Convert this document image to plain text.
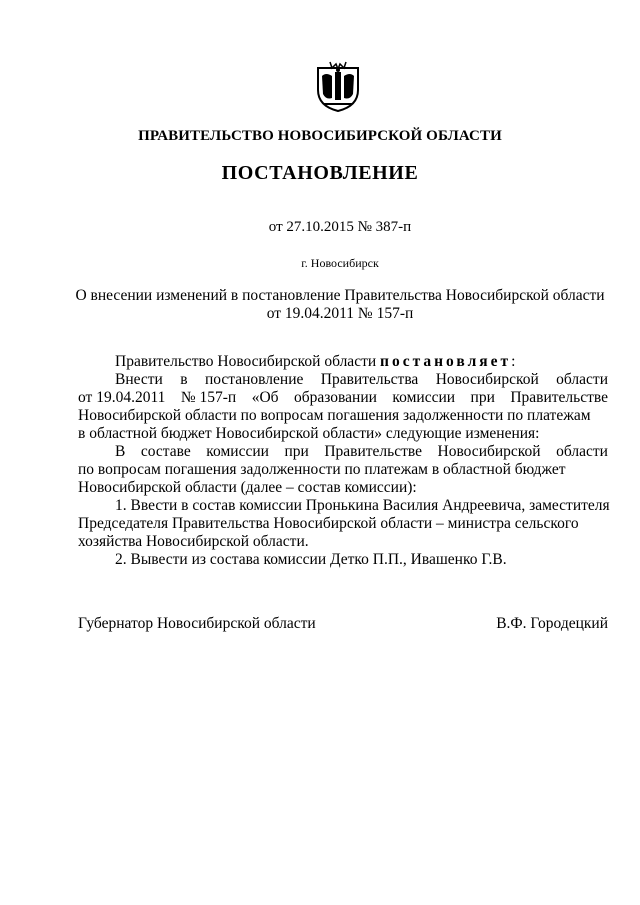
ПРАВИТЕЛЬСТВО НОВОСИБИРСКОЙ ОБЛАСТИ
ПОСТАНОВЛЕНИЕ
от 27.10.2015 № 387-п
г. Новосибирск
О внесении изменений в постановление Правительства Новосибирской области
от 19.04.2011 № 157-п
Правительство Новосибирской области постановляет:
Внести в постановление Правительства Новосибирской области
от 19.04.2011 № 157-п «Об образовании комиссии при Правительстве
Новосибирской области по вопросам погашения задолженности по платежам
в областной бюджет Новосибирской области» следующие изменения:
В составе комиссии при Правительстве Новосибирской области
по вопросам погашения задолженности по платежам в областной бюджет
Новосибирской области (далее – состав комиссии):
1. Ввести в состав комиссии Пронькина Василия Андреевича, заместителя
Председателя Правительства Новосибирской области – министра сельского
хозяйства Новосибирской области.
2. Вывести из состава комиссии Детко П.П., Ивашенко Г.В.
Губернатор Новосибирской области	В.Ф. Городецкий
